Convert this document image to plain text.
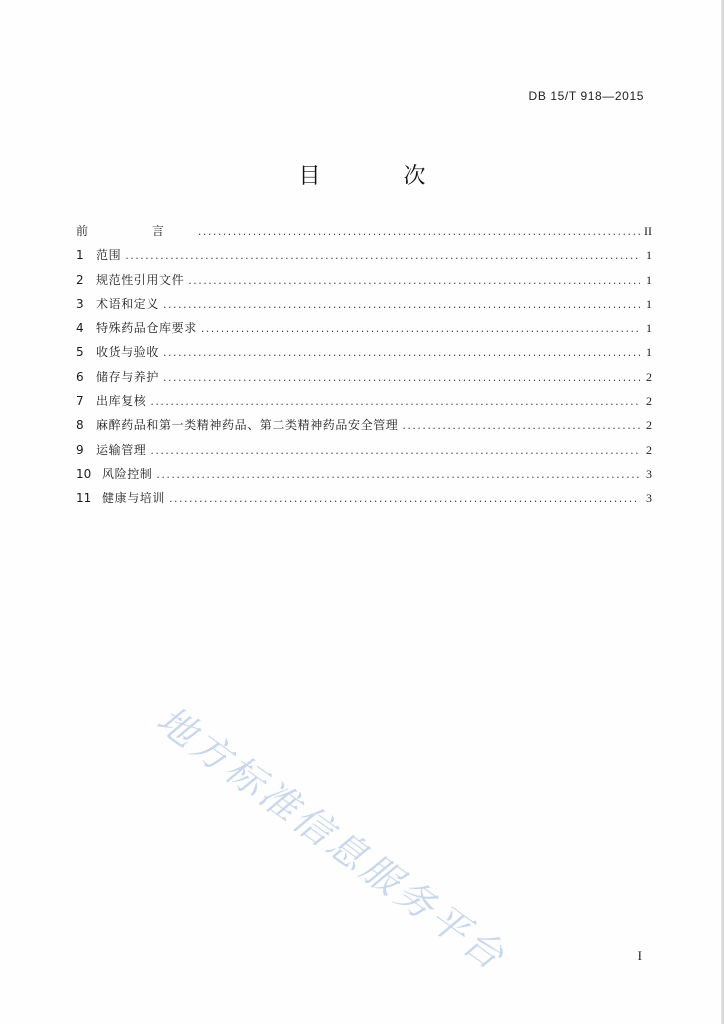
DB 15/T 918—2015
目 次
前 言 .....	II
1	范围 .....	1
2	规范性引用文件 .....	1
3	术语和定义 .....	1
4	特殊药品仓库要求 .....	1
5	收货与验收 .....	1
6	储存与养护 .....	2
7	出库复核 .....	2
8	麻醉药品和第一类精神药品、第二类精神药品安全管理 .....	2
9	运输管理 .....	2
10 风险控制 .....	3
11 健康与培训 .....	3
地方标准信息服务平台	I
